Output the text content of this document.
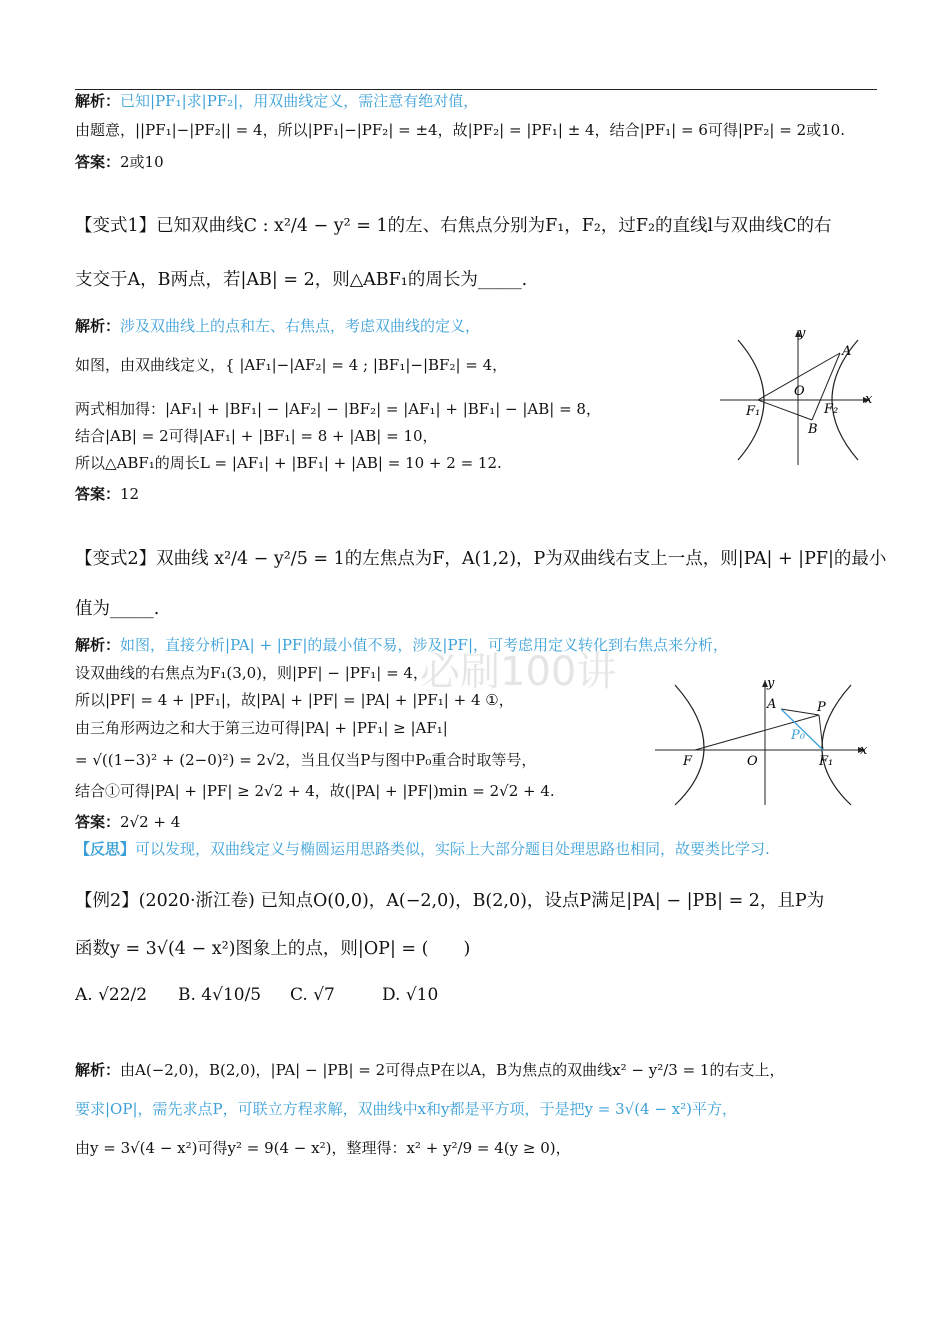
解析：已知|PF₁|求|PF₂|，用双曲线定义，需注意有绝对值，
由题意，||PF₁|−|PF₂|| = 4，所以|PF₁|−|PF₂| = ±4，故|PF₂| = |PF₁| ± 4，结合|PF₁| = 6可得|PF₂| = 2或10.
答案：2或10
【变式1】已知双曲线C : x²/4 − y² = 1的左、右焦点分别为F₁，F₂，过F₂的直线l与双曲线C的右
支交于A，B两点，若|AB| = 2，则△ABF₁的周长为_____.
解析：涉及双曲线上的点和左、右焦点，考虑双曲线的定义，
如图，由双曲线定义，{ |AF₁|−|AF₂| = 4 ; |BF₁|−|BF₂| = 4，
两式相加得：|AF₁| + |BF₁| − |AF₂| − |BF₂| = |AF₁| + |BF₁| − |AB| = 8，
结合|AB| = 2可得|AF₁| + |BF₁| = 8 + |AB| = 10，
所以△ABF₁的周长L = |AF₁| + |BF₁| + |AB| = 10 + 2 = 12.
答案：12
y
A
O
x
F₁	F₂
B
【变式2】双曲线 x²/4 − y²/5 = 1的左焦点为F，A(1,2)，P为双曲线右支上一点，则|PA| + |PF|的最小
值为_____.
必刷100讲
解析：如图，直接分析|PA| + |PF|的最小值不易，涉及|PF|，可考虑用定义转化到右焦点来分析，
设双曲线的右焦点为F₁(3,0)，则|PF| − |PF₁| = 4，
所以|PF| = 4 + |PF₁|，故|PA| + |PF| = |PA| + |PF₁| + 4 ①，
由三角形两边之和大于第三边可得|PA| + |PF₁| ≥ |AF₁|
= √((1−3)² + (2−0)²) = 2√2，当且仅当P与图中P₀重合时取等号，
结合①可得|PA| + |PF| ≥ 2√2 + 4，故(|PA| + |PF|)min = 2√2 + 4.
答案：2√2 + 4
【反思】可以发现，双曲线定义与椭圆运用思路类似，实际上大部分题目处理思路也相同，故要类比学习.
y
A	P
P₀
x
F	O	F₁
【例2】(2020·浙江卷) 已知点O(0,0)，A(−2,0)，B(2,0)，设点P满足|PA| − |PB| = 2，且P为
函数y = 3√(4 − x²)图象上的点，则|OP| = (　　)
A. √22/2 B. 4√10/5 C. √7	D. √10
解析：由A(−2,0)，B(2,0)，|PA| − |PB| = 2可得点P在以A，B为焦点的双曲线x² − y²/3 = 1的右支上，
要求|OP|，需先求点P，可联立方程求解，双曲线中x和y都是平方项，于是把y = 3√(4 − x²)平方，
由y = 3√(4 − x²)可得y² = 9(4 − x²)，整理得：x² + y²/9 = 4(y ≥ 0)，
